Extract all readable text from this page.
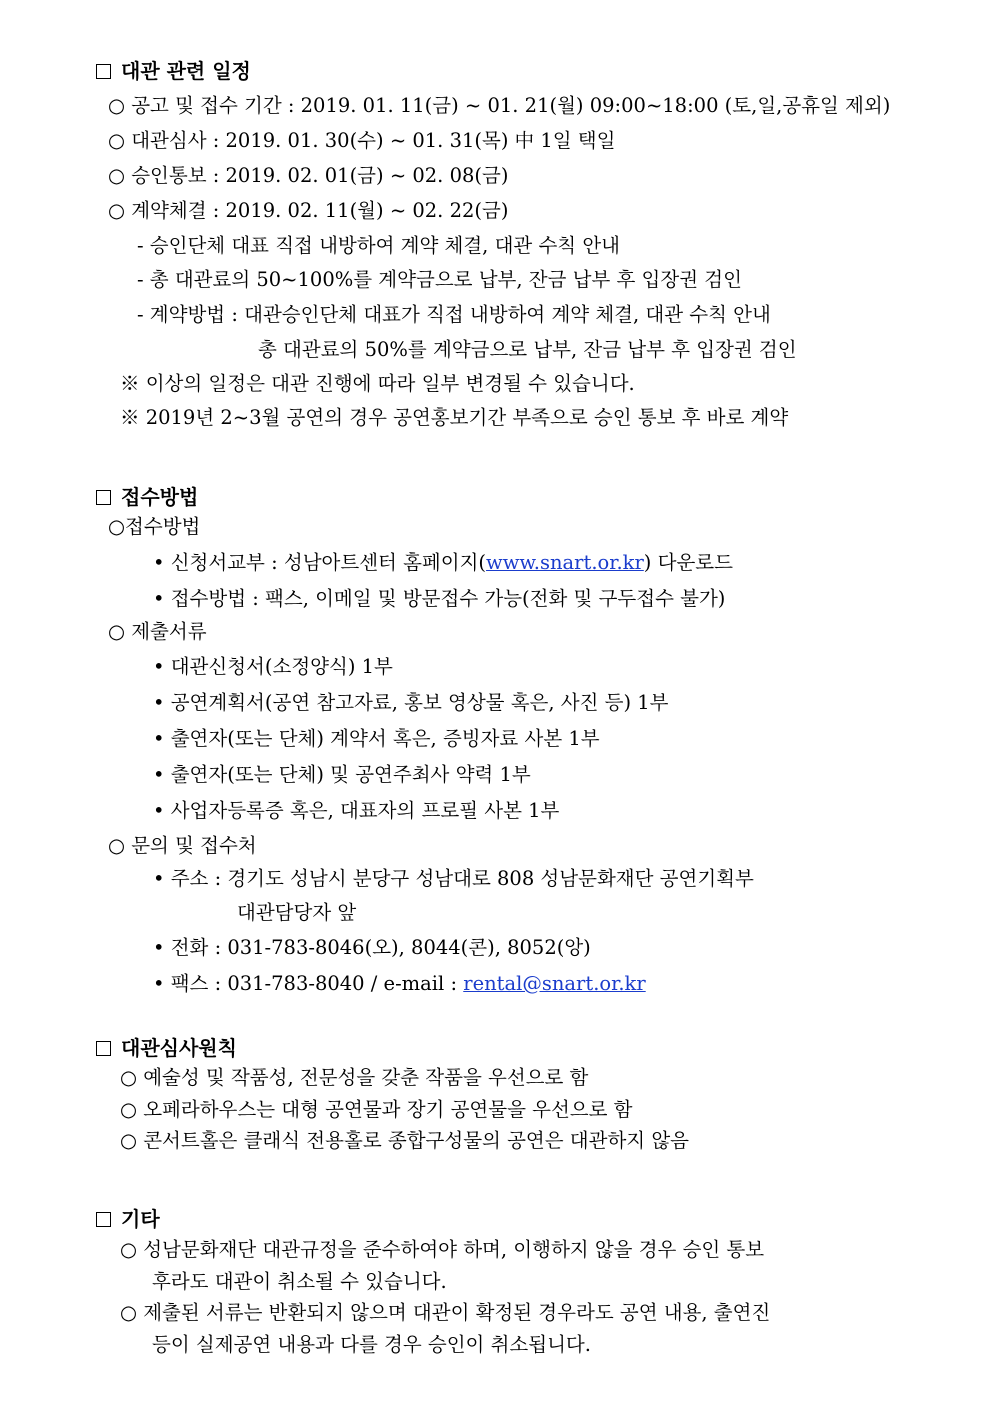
대관 관련 일정
○ 공고 및 접수 기간 : 2019. 01. 11(금) ~ 01. 21(월) 09:00~18:00 (토,일,공휴일 제외)
○ 대관심사 : 2019. 01. 30(수) ~ 01. 31(목) 中 1일 택일
○ 승인통보 : 2019. 02. 01(금) ~ 02. 08(금)
○ 계약체결 : 2019. 02. 11(월) ~ 02. 22(금)
- 승인단체 대표 직접 내방하여 계약 체결, 대관 수칙 안내
- 총 대관료의 50~100%를 계약금으로 납부, 잔금 납부 후 입장권 검인
- 계약방법 : 대관승인단체 대표가 직접 내방하여 계약 체결, 대관 수칙 안내
총 대관료의 50%를 계약금으로 납부, 잔금 납부 후 입장권 검인
※ 이상의 일정은 대관 진행에 따라 일부 변경될 수 있습니다.
※ 2019년 2~3월 공연의 경우 공연홍보기간 부족으로 승인 통보 후 바로 계약
접수방법
○접수방법
• 신청서교부 : 성남아트센터 홈페이지(www.snart.or.kr) 다운로드
• 접수방법 : 팩스, 이메일 및 방문접수 가능(전화 및 구두접수 불가)
○ 제출서류
• 대관신청서(소정양식) 1부
• 공연계획서(공연 참고자료, 홍보 영상물 혹은, 사진 등) 1부
• 출연자(또는 단체) 계약서 혹은, 증빙자료 사본 1부
• 출연자(또는 단체) 및 공연주최사 약력 1부
• 사업자등록증 혹은, 대표자의 프로필 사본 1부
○ 문의 및 접수처
• 주소 : 경기도 성남시 분당구 성남대로 808 성남문화재단 공연기획부
대관담당자 앞
• 전화 : 031-783-8046(오), 8044(콘), 8052(앙)
• 팩스 : 031-783-8040 / e-mail : rental@snart.or.kr
대관심사원칙
○ 예술성 및 작품성, 전문성을 갖춘 작품을 우선으로 함
○ 오페라하우스는 대형 공연물과 장기 공연물을 우선으로 함
○ 콘서트홀은 클래식 전용홀로 종합구성물의 공연은 대관하지 않음
기타
○ 성남문화재단 대관규정을 준수하여야 하며, 이행하지 않을 경우 승인 통보
후라도 대관이 취소될 수 있습니다.
○ 제출된 서류는 반환되지 않으며 대관이 확정된 경우라도 공연 내용, 출연진
등이 실제공연 내용과 다를 경우 승인이 취소됩니다.
